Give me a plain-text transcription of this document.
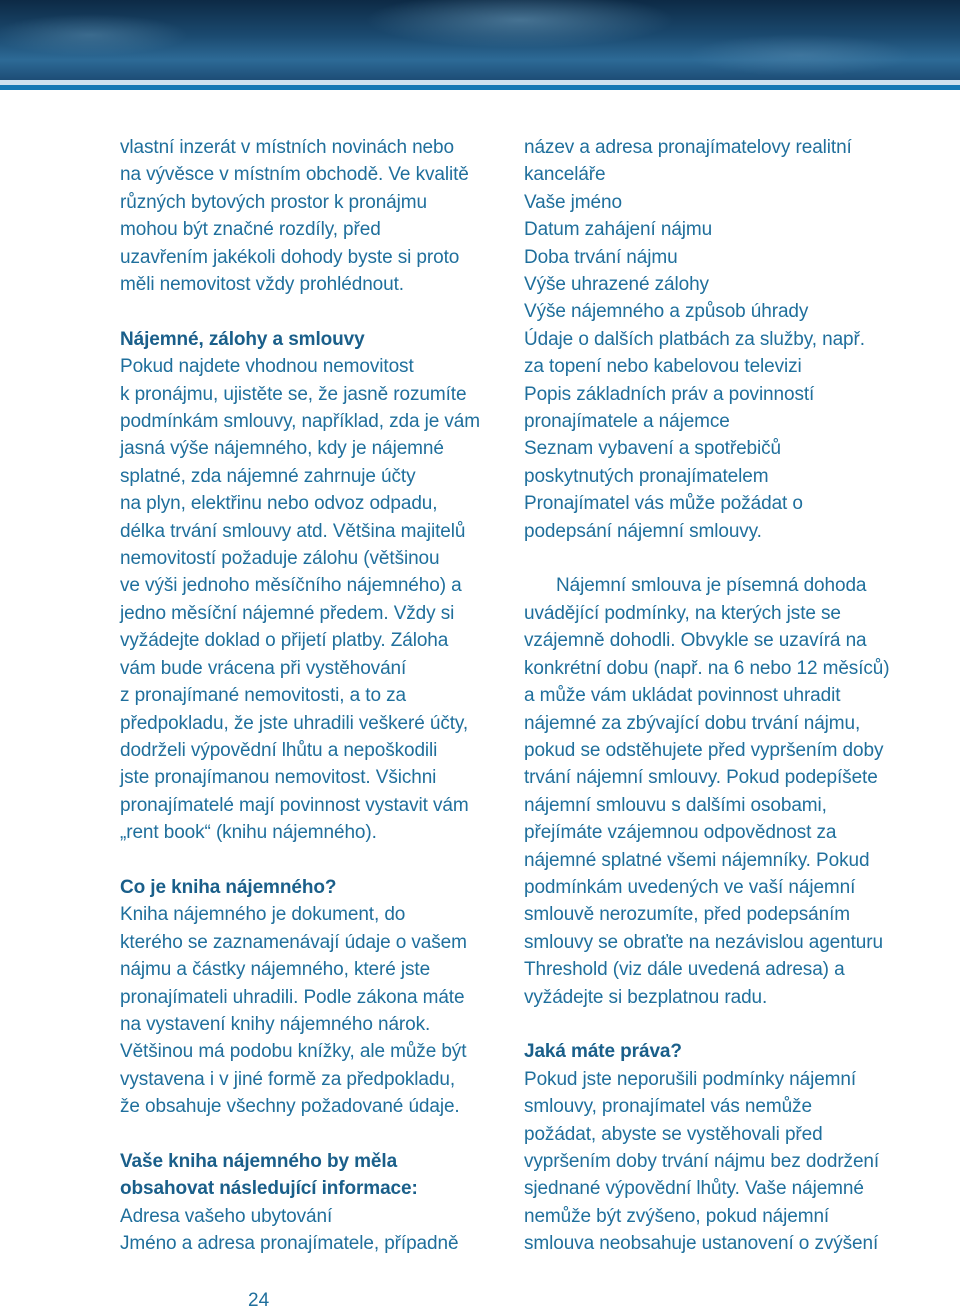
vlastní inzerát v místních novinách nebo
na vývěsce v místním obchodě. Ve kvalitě
různých bytových prostor k pronájmu
mohou být značné rozdíly, před
uzavřením jakékoli dohody byste si proto
měli nemovitost vždy prohlédnout.
Nájemné, zálohy a smlouvy
Pokud najdete vhodnou nemovitost
k pronájmu, ujistěte se, že jasně rozumíte
podmínkám smlouvy, například, zda je vám
jasná výše nájemného, kdy je nájemné
splatné, zda nájemné zahrnuje účty
na plyn, elektřinu nebo odvoz odpadu,
délka trvání smlouvy atd. Většina majitelů
nemovitostí požaduje zálohu (většinou
ve výši jednoho měsíčního nájemného) a
jedno měsíční nájemné předem. Vždy si
vyžádejte doklad o přijetí platby. Záloha
vám bude vrácena při vystěhování
z pronajímané nemovitosti, a to za
předpokladu, že jste uhradili veškeré účty,
dodrželi výpovědní lhůtu a nepoškodili
jste pronajímanou nemovitost. Všichni
pronajímatelé mají povinnost vystavit vám
„rent book“ (knihu nájemného).
Co je kniha nájemného?
Kniha nájemného je dokument, do
kterého se zaznamenávají údaje o vašem
nájmu a částky nájemného, které jste
pronajímateli uhradili. Podle zákona máte
na vystavení knihy nájemného nárok.
Většinou má podobu knížky, ale může být
vystavena i v jiné formě za předpokladu,
že obsahuje všechny požadované údaje.
Vaše kniha nájemného by měla
obsahovat následující informace:
Adresa vašeho ubytování
Jméno a adresa pronajímatele, případně
název a adresa pronajímatelovy realitní
kanceláře
Vaše jméno
Datum zahájení nájmu
Doba trvání nájmu
Výše uhrazené zálohy
Výše nájemného a způsob úhrady
Údaje o dalších platbách za služby, např.
za topení nebo kabelovou televizi
Popis základních práv a povinností
pronajímatele a nájemce
Seznam vybavení a spotřebičů
poskytnutých pronajímatelem
Pronajímatel vás může požádat o
podepsání nájemní smlouvy.
Nájemní smlouva je písemná dohoda
uvádějící podmínky, na kterých jste se
vzájemně dohodli. Obvykle se uzavírá na
konkrétní dobu (např. na 6 nebo 12 měsíců)
a může vám ukládat povinnost uhradit
nájemné za zbývající dobu trvání nájmu,
pokud se odstěhujete před vypršením doby
trvání nájemní smlouvy. Pokud podepíšete
nájemní smlouvu s dalšími osobami,
přejímáte vzájemnou odpovědnost za
nájemné splatné všemi nájemníky. Pokud
podmínkám uvedených ve vaší nájemní
smlouvě nerozumíte, před podepsáním
smlouvy se obraťte na nezávislou agenturu
Threshold (viz dále uvedená adresa) a
vyžádejte si bezplatnou radu.
Jaká máte práva?
Pokud jste neporušili podmínky nájemní
smlouvy, pronajímatel vás nemůže
požádat, abyste se vystěhovali před
vypršením doby trvání nájmu bez dodržení
sjednané výpovědní lhůty. Vaše nájemné
nemůže být zvýšeno, pokud nájemní
smlouva neobsahuje ustanovení o zvýšení
24
